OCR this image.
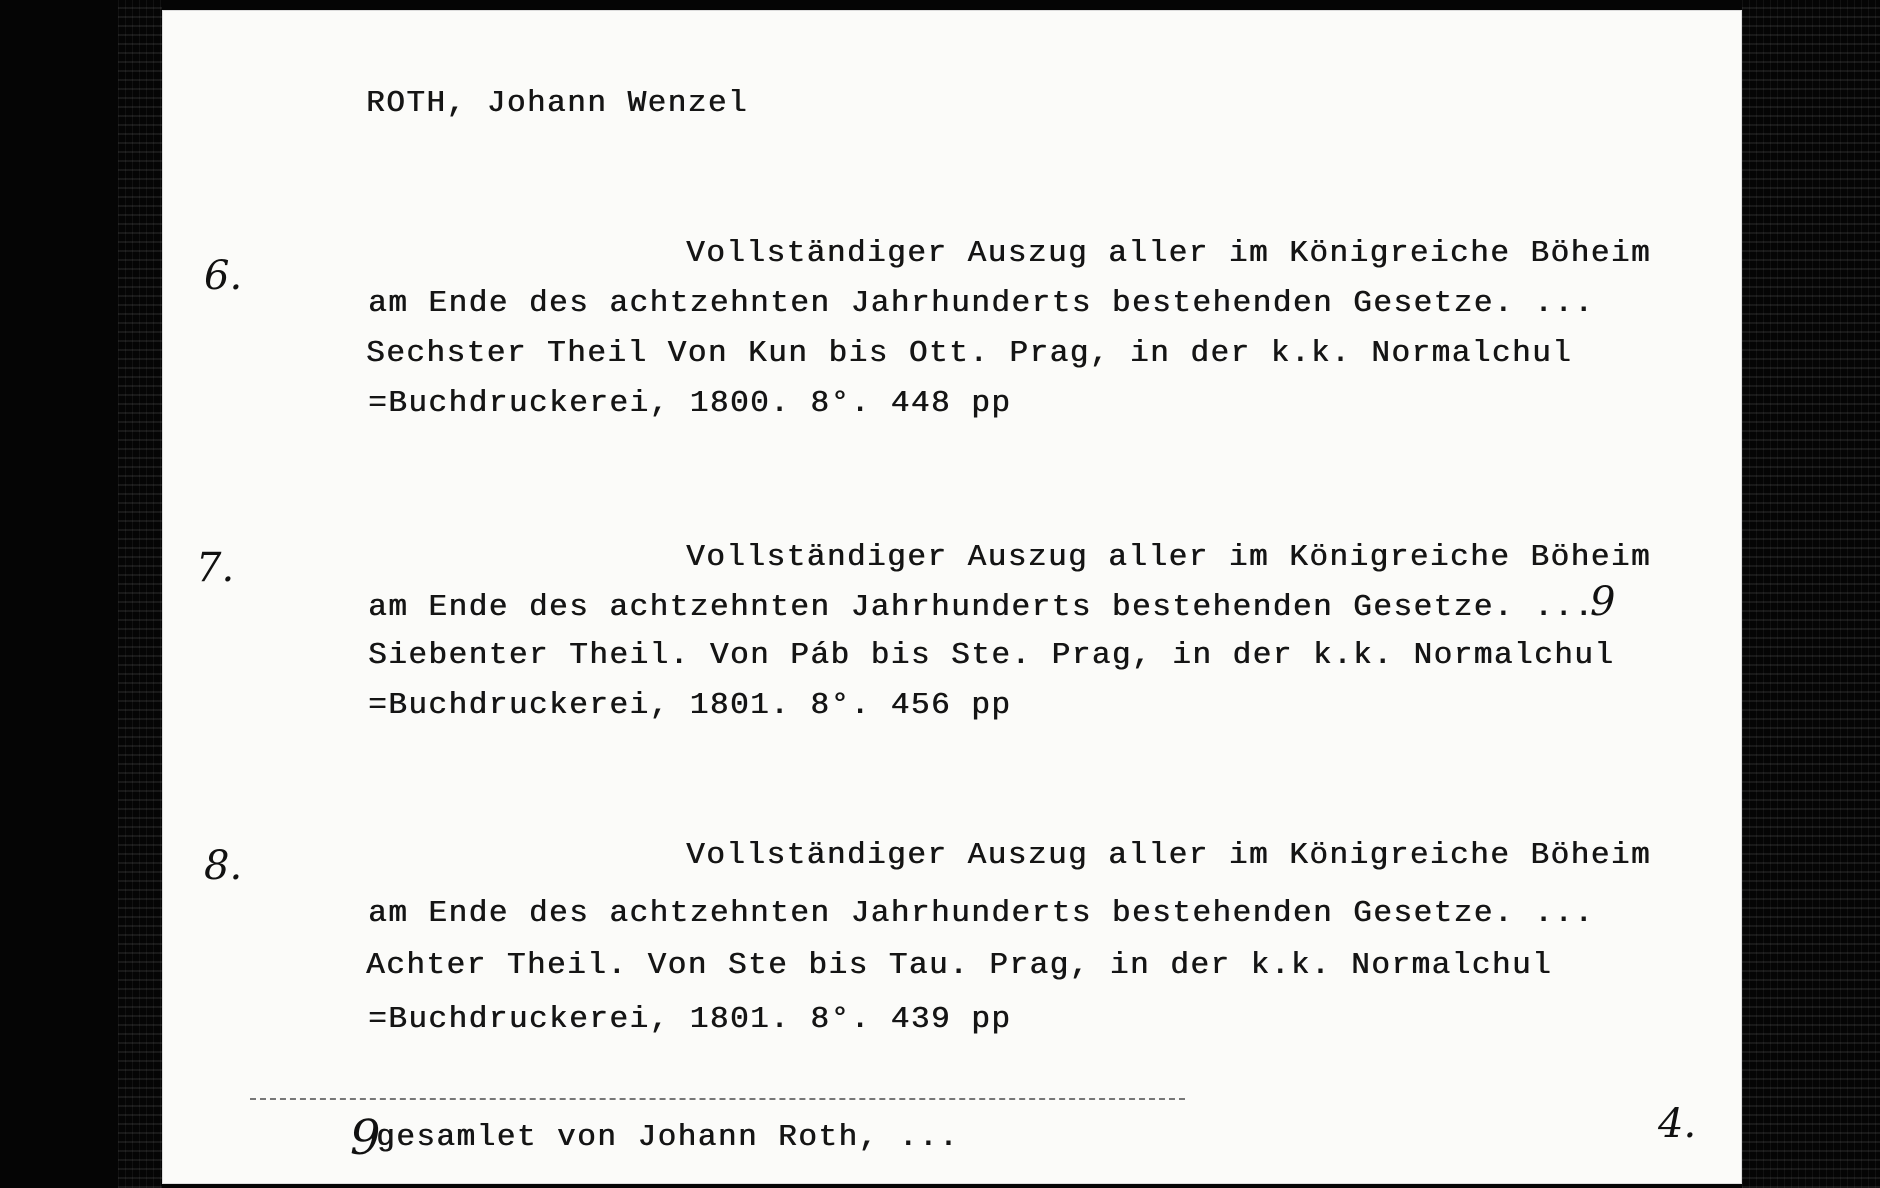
ROTH, Johann Wenzel
6.	Vollständiger Auszug aller im Königreiche Böheim
am Ende des achtzehnten Jahrhunderts bestehenden Gesetze. ...
Sechster Theil Von Kun bis Ott. Prag, in der k.k. Normalchul
=Buchdruckerei, 1800. 8°. 448 pp
7.	Vollständiger Auszug aller im Königreiche Böheim
am Ende des achtzehnten Jahrhunderts bestehenden Gesetze. ...
9
Siebenter Theil. Von Páb bis Ste. Prag, in der k.k. Normalchul
=Buchdruckerei, 1801. 8°. 456 pp
8.	Vollständiger Auszug aller im Königreiche Böheim
am Ende des achtzehnten Jahrhunderts bestehenden Gesetze. ...
Achter Theil. Von Ste bis Tau. Prag, in der k.k. Normalchul
=Buchdruckerei, 1801. 8°. 439 pp
9
gesamlet von Johann Roth, ...	4.
